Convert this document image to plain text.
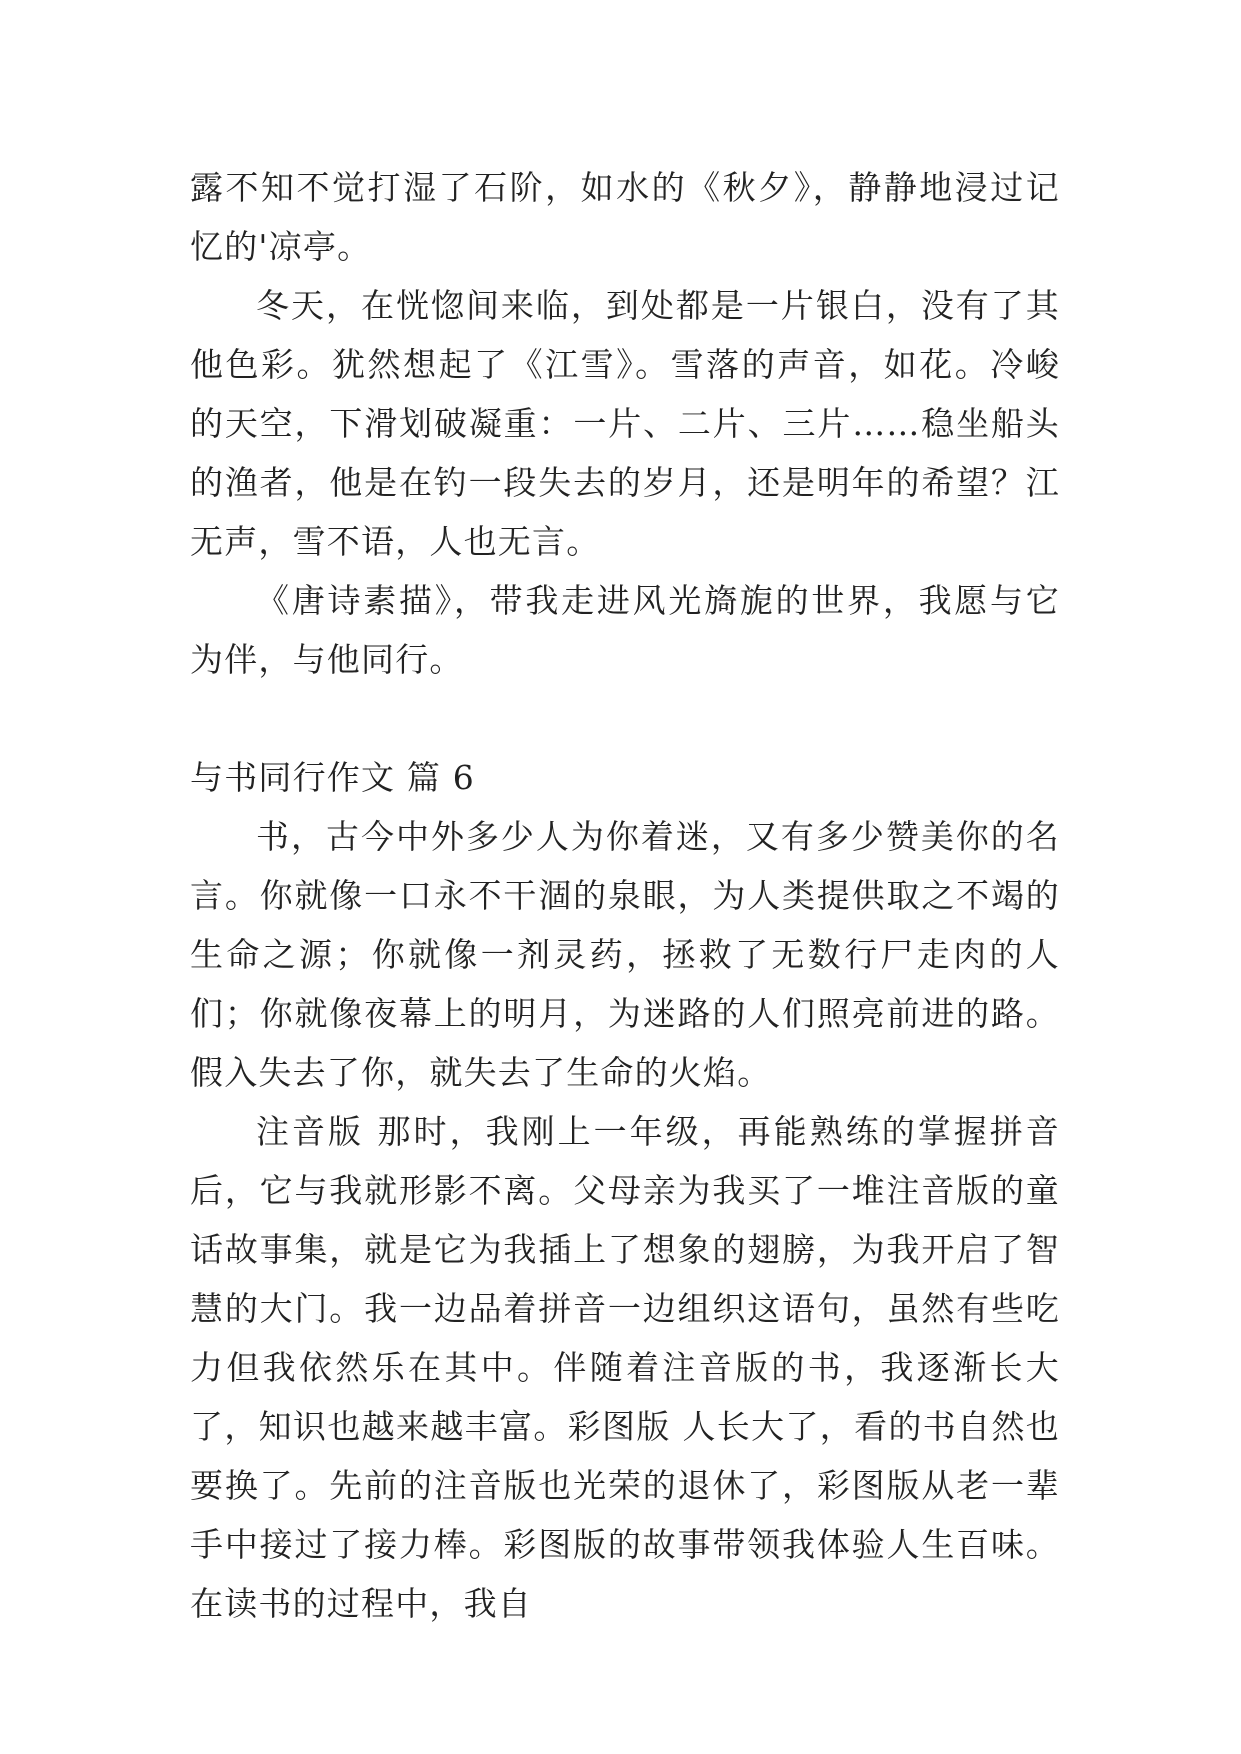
露不知不觉打湿了石阶，如水的《秋夕》，静静地浸过记忆的'凉亭。

冬天，在恍惚间来临，到处都是一片银白，没有了其他色彩。犹然想起了《江雪》。雪落的声音，如花。冷峻的天空，下滑划破凝重：一片、二片、三片……稳坐船头的渔者，他是在钓一段失去的岁月，还是明年的希望？江无声，雪不语，人也无言。

《唐诗素描》，带我走进风光旖旎的世界，我愿与它为伴，与他同行。

与书同行作文 篇 6

书，古今中外多少人为你着迷，又有多少赞美你的名言。你就像一口永不干涸的泉眼，为人类提供取之不竭的生命之源；你就像一剂灵药，拯救了无数行尸走肉的人们；你就像夜幕上的明月，为迷路的人们照亮前进的路。假入失去了你，就失去了生命的火焰。

注音版 那时，我刚上一年级，再能熟练的掌握拼音后，它与我就形影不离。父母亲为我买了一堆注音版的童话故事集，就是它为我插上了想象的翅膀，为我开启了智慧的大门。我一边品着拼音一边组织这语句，虽然有些吃力但我依然乐在其中。伴随着注音版的书，我逐渐长大了，知识也越来越丰富。彩图版 人长大了，看的书自然也要换了。先前的注音版也光荣的退休了，彩图版从老一辈手中接过了接力棒。彩图版的故事带领我体验人生百味。在读书的过程中，我自
